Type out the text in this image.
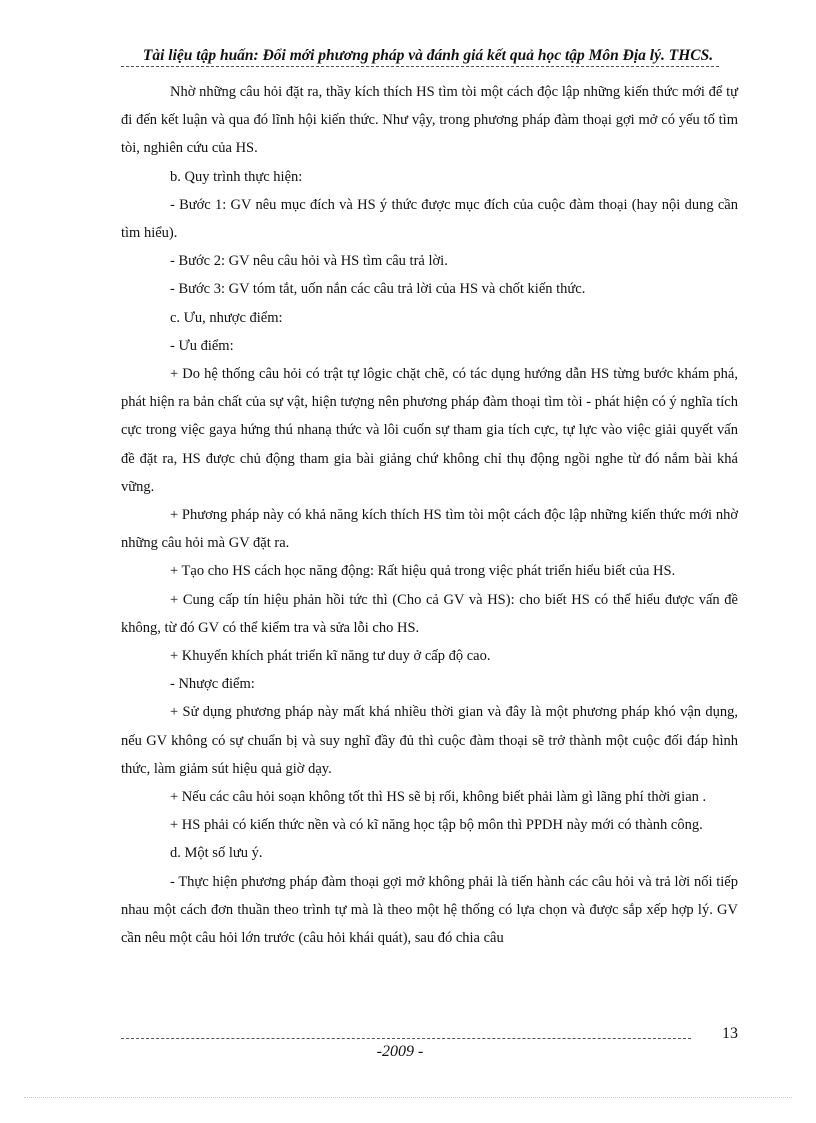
Tài liệu tập huấn: Đổi mới phương pháp và đánh giá kết quả học tập Môn Địa lý. THCS.

Nhờ những câu hỏi đặt ra, thầy kích thích HS tìm tòi một cách độc lập những kiến thức mới để tự đi đến kết luận và qua đó lĩnh hội kiến thức. Như vậy, trong phương pháp đàm thoại gợi mở có yếu tố tìm tòi, nghiên cứu của HS.

b. Quy trình thực hiện:

- Bước 1: GV nêu mục đích và HS ý thức được mục đích của cuộc đàm thoại (hay nội dung cần tìm hiểu).

- Bước 2: GV nêu câu hỏi và HS tìm câu trả lời.

- Bước 3: GV tóm tắt, uốn nắn các câu trả lời của HS và chốt kiến thức.

c. Ưu, nhược điểm:

- Ưu điểm:

+ Do hệ thống câu hỏi có trật tự lôgic chặt chẽ, có tác dụng hướng dẫn HS từng bước khám phá, phát hiện ra bản chất của sự vật, hiện tượng nên phương pháp đàm thoại tìm tòi - phát hiện có ý nghĩa tích cực trong việc gaya hứng thú nhanạ thức và lôi cuốn sự tham gia tích cực, tự lực vào việc giải quyết vấn đề đặt ra, HS được chủ động tham gia bài giảng chứ không chỉ thụ động ngồi nghe từ đó nắm bài khá vững.

+ Phương pháp này có khả năng kích thích HS tìm tòi một cách độc lập những kiến thức mới nhờ những câu hỏi mà GV đặt ra.

+ Tạo cho HS cách học năng động: Rất hiệu quả trong việc phát triển hiểu biết của HS.

+ Cung cấp tín hiệu phản hồi tức thì (Cho cả GV và HS): cho biết HS có thể hiểu được vấn đề không, từ đó GV có thể kiểm tra và sửa lỗi cho HS.

+ Khuyến khích phát triển kĩ năng tư duy ở cấp độ cao.

- Nhược điểm:

+ Sử dụng phương pháp này mất khá nhiều thời gian và đây là một phương pháp khó vận dụng, nếu GV không có sự chuẩn bị và suy nghĩ đầy đủ thì cuộc đàm thoại sẽ trở thành một cuộc đối đáp hình thức, làm giảm sút hiệu quả giờ dạy.

+ Nếu các câu hỏi soạn không tốt thì HS sẽ bị rối, không biết phải làm gì lãng phí thời gian .

+ HS phải có kiến thức nền và có kĩ năng học tập bộ môn thì PPDH này mới có thành công.

d. Một số lưu ý.

- Thực hiện phương pháp đàm thoại gợi mở không phải là tiến hành các câu hỏi và trả lời nối tiếp nhau một cách đơn thuần theo trình tự mà là theo một hệ thống có lựa chọn và được sắp xếp hợp lý. GV cần nêu một câu hỏi lớn trước (câu hỏi khái quát), sau đó chia câu

13
-2009 -
